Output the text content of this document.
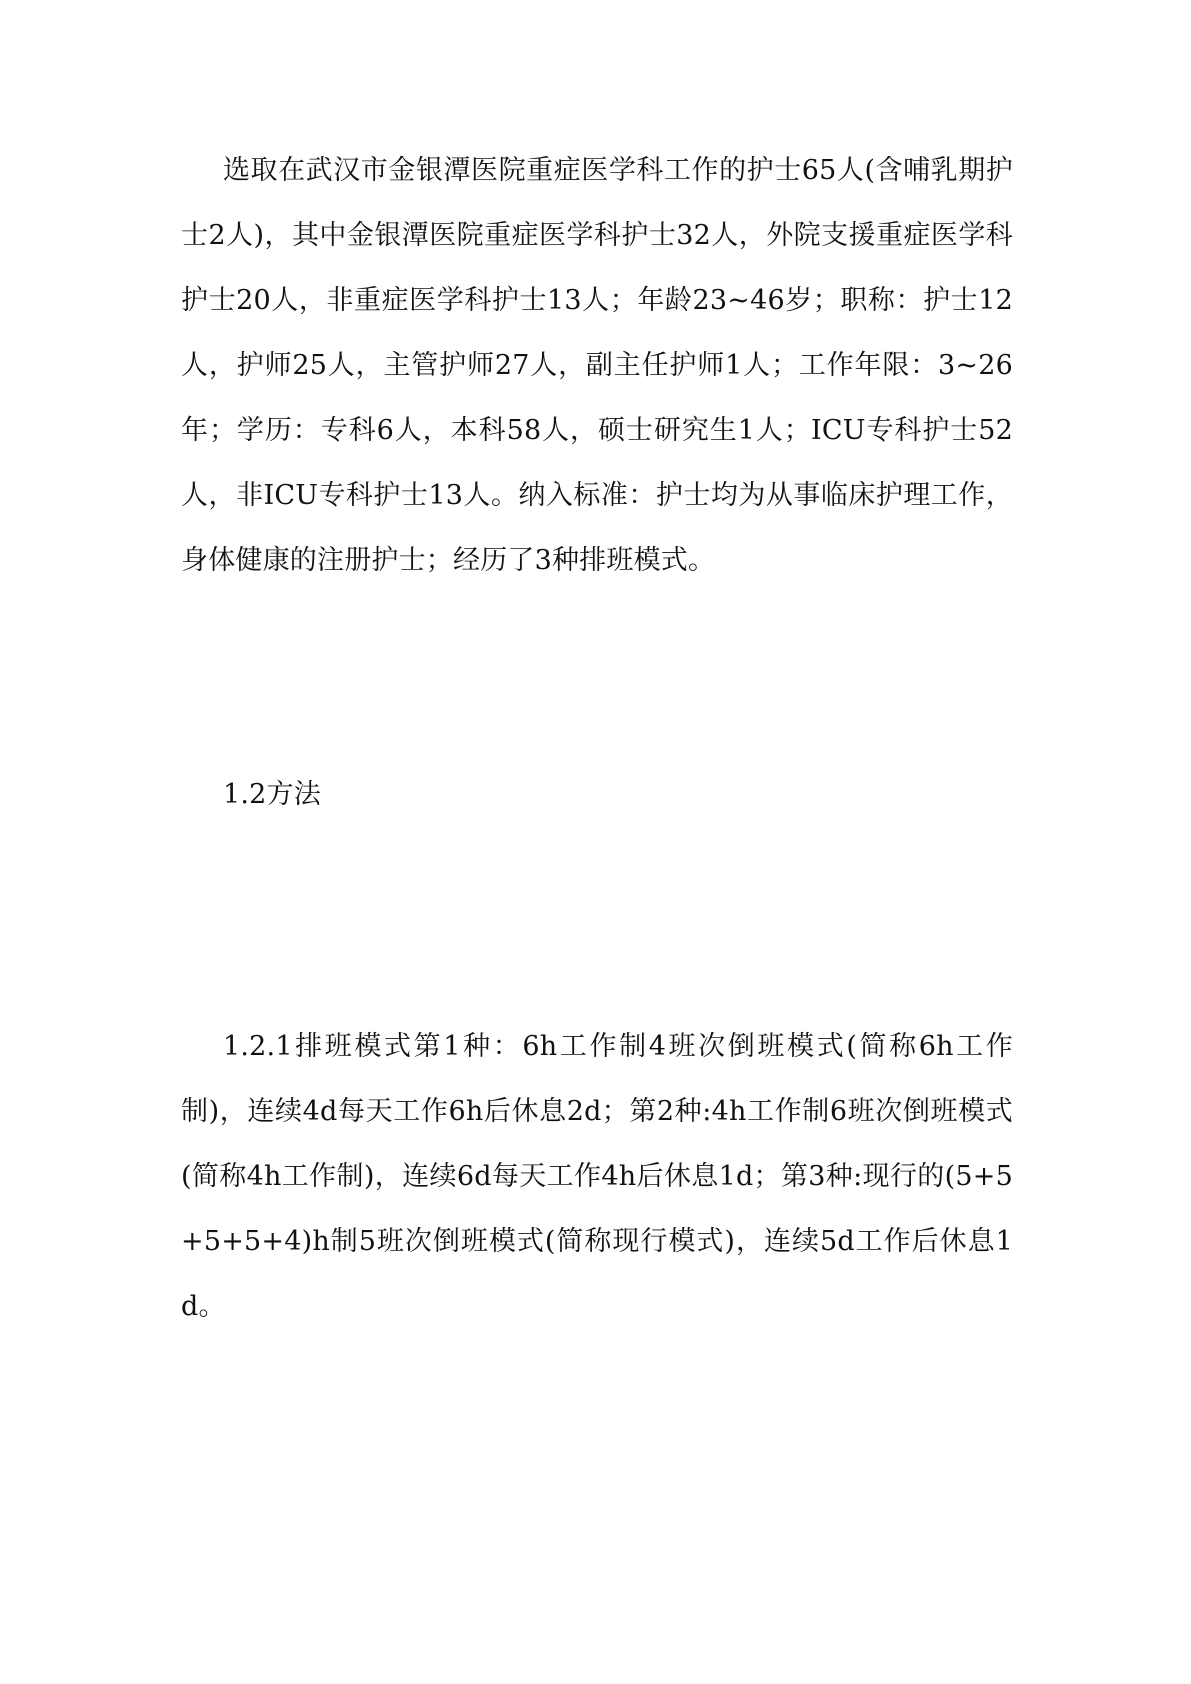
选取在武汉市金银潭医院重症医学科工作的护士65人(含哺乳期护士2人)，其中金银潭医院重症医学科护士32人，外院支援重症医学科护士20人，非重症医学科护士13人；年龄23~46岁；职称：护士12人，护师25人，主管护师27人，副主任护师1人；工作年限：3~26年；学历：专科6人，本科58人，硕士研究生1人；ICU专科护士52人，非ICU专科护士13人。纳入标准：护士均为从事临床护理工作，身体健康的注册护士；经历了3种排班模式。

1.2方法

1.2.1排班模式第1种：6h工作制4班次倒班模式(简称6h工作制)，连续4d每天工作6h后休息2d；第2种:4h工作制6班次倒班模式(简称4h工作制)，连续6d每天工作4h后休息1d；第3种:现行的(5+5+5+5+4)h制5班次倒班模式(简称现行模式)，连续5d工作后休息1d。
